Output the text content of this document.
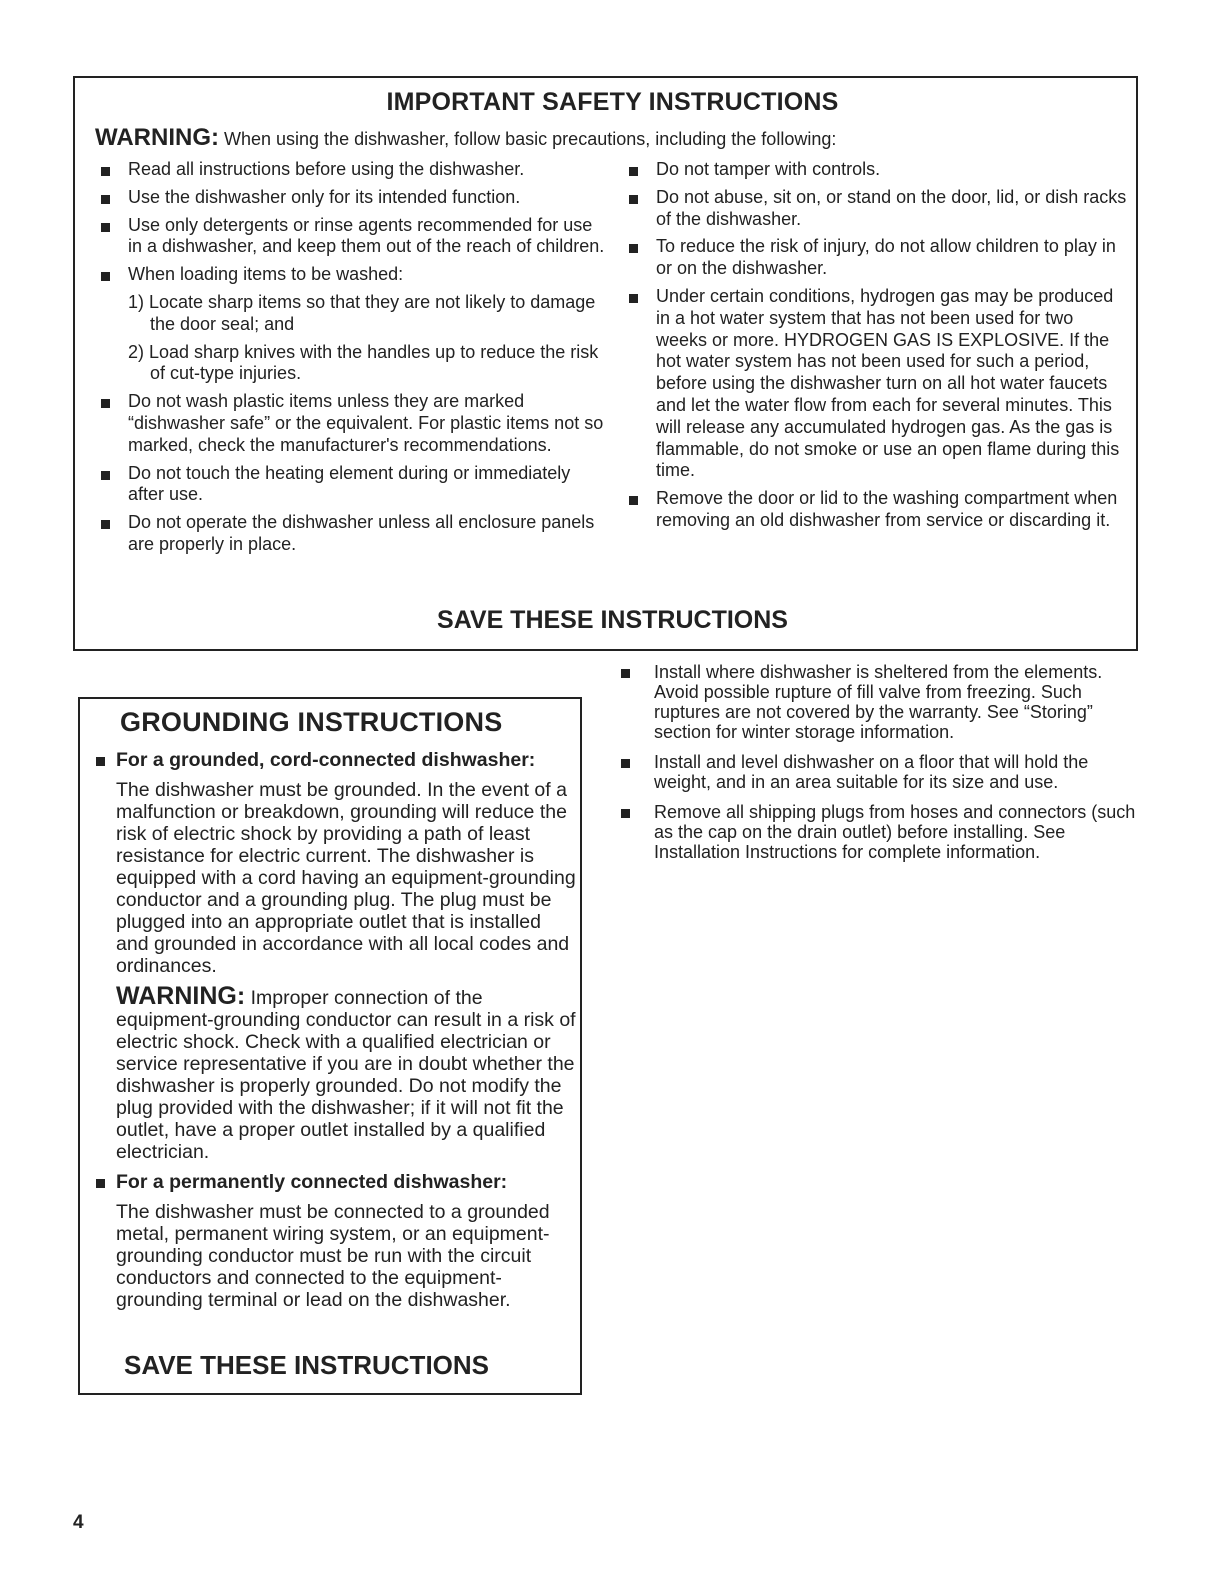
IMPORTANT SAFETY INSTRUCTIONS
WARNING: When using the dishwasher, follow basic precautions, including the following:
Read all instructions before using the dishwasher.
Use the dishwasher only for its intended function.
Use only detergents or rinse agents recommended for use in a dishwasher, and keep them out of the reach of children.
When loading items to be washed:
1) Locate sharp items so that they are not likely to damage the door seal; and
2) Load sharp knives with the handles up to reduce the risk of cut-type injuries.
Do not wash plastic items unless they are marked “dishwasher safe” or the equivalent. For plastic items not so marked, check the manufacturer's recommendations.
Do not touch the heating element during or immediately after use.
Do not operate the dishwasher unless all enclosure panels are properly in place.
Do not tamper with controls.
Do not abuse, sit on, or stand on the door, lid, or dish racks of the dishwasher.
To reduce the risk of injury, do not allow children to play in or on the dishwasher.
Under certain conditions, hydrogen gas may be produced in a hot water system that has not been used for two weeks or more. HYDROGEN GAS IS EXPLOSIVE. If the hot water system has not been used for such a period, before using the dishwasher turn on all hot water faucets and let the water flow from each for several minutes. This will release any accumulated hydrogen gas. As the gas is flammable, do not smoke or use an open flame during this time.
Remove the door or lid to the washing compartment when removing an old dishwasher from service or discarding it.
SAVE THESE INSTRUCTIONS
GROUNDING INSTRUCTIONS
For a grounded, cord-connected dishwasher:

The dishwasher must be grounded. In the event of a malfunction or breakdown, grounding will reduce the risk of electric shock by providing a path of least resistance for electric current. The dishwasher is equipped with a cord having an equipment-grounding conductor and a grounding plug. The plug must be plugged into an appropriate outlet that is installed and grounded in accordance with all local codes and ordinances.

WARNING: Improper connection of the equipment-grounding conductor can result in a risk of electric shock. Check with a qualified electrician or service representative if you are in doubt whether the dishwasher is properly grounded. Do not modify the plug provided with the dishwasher; if it will not fit the outlet, have a proper outlet installed by a qualified electrician.

For a permanently connected dishwasher:

The dishwasher must be connected to a grounded metal, permanent wiring system, or an equipment-grounding conductor must be run with the circuit conductors and connected to the equipment-grounding terminal or lead on the dishwasher.

SAVE THESE INSTRUCTIONS
Install where dishwasher is sheltered from the elements. Avoid possible rupture of fill valve from freezing. Such ruptures are not covered by the warranty. See “Storing” section for winter storage information.
Install and level dishwasher on a floor that will hold the weight, and in an area suitable for its size and use.
Remove all shipping plugs from hoses and connectors (such as the cap on the drain outlet) before installing. See Installation Instructions for complete information.
4
